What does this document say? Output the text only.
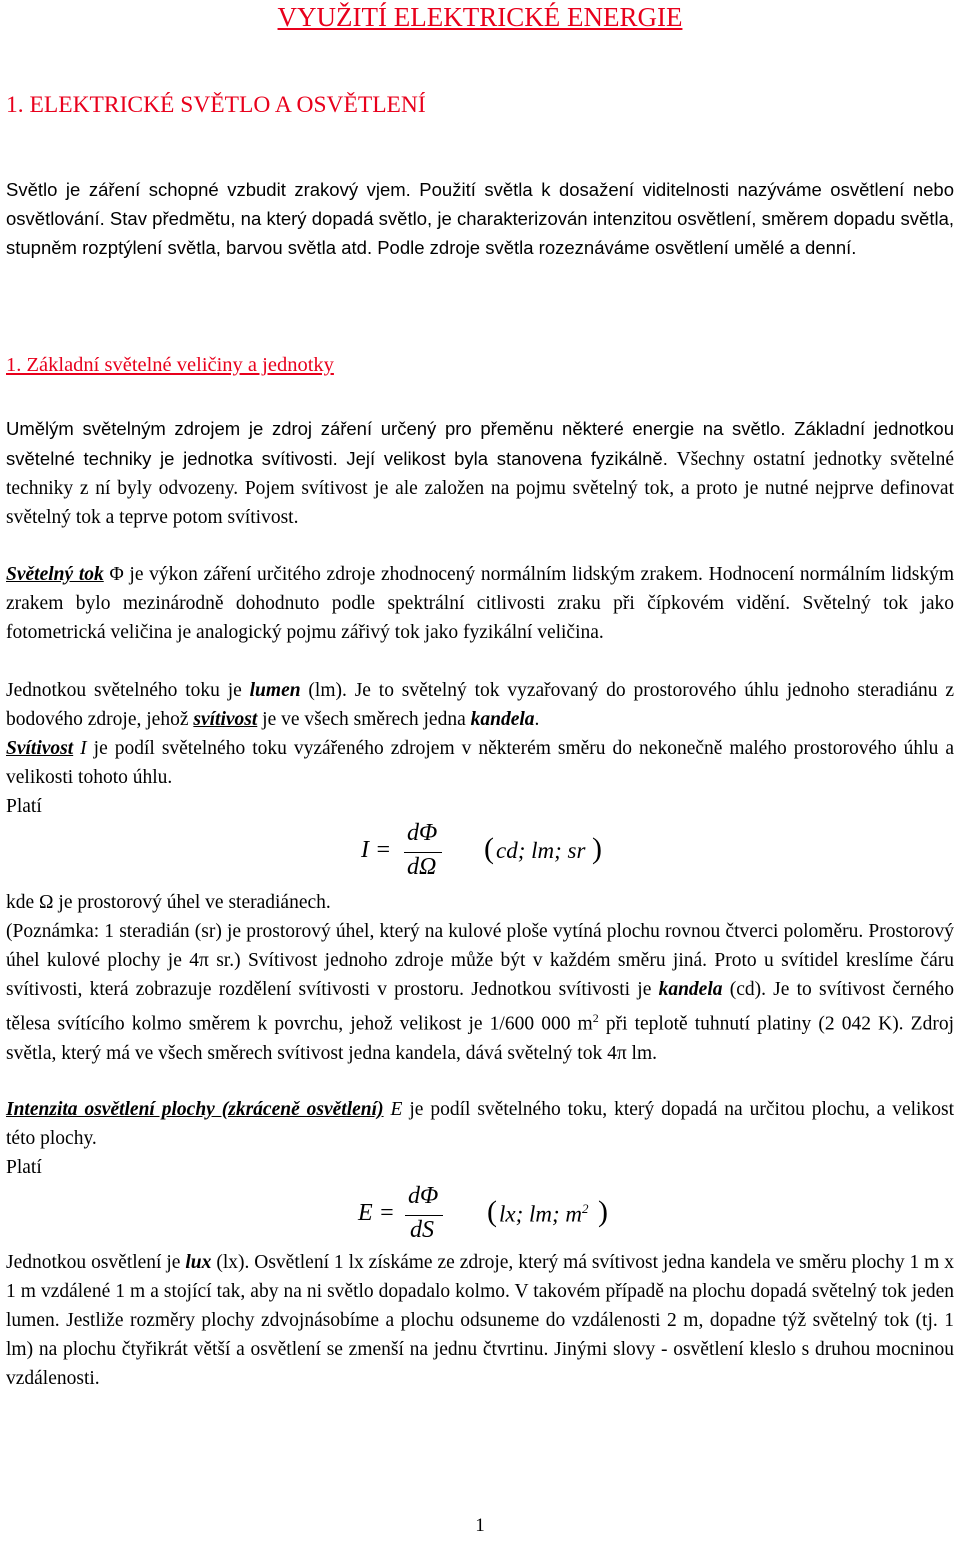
VYUŽITÍ ELEKTRICKÉ ENERGIE
1. ELEKTRICKÉ SVĚTLO A OSVĚTLENÍ

Světlo je záření schopné vzbudit zrakový vjem. Použití světla k dosažení viditelnosti nazýváme osvětlení nebo osvětlování. Stav předmětu, na který dopadá světlo, je charakterizován intenzitou osvětlení, směrem dopadu světla, stupněm rozptýlení světla, barvou světla atd. Podle zdroje světla rozeznáváme osvětlení umělé a denní.

1. Základní světelné veličiny a jednotky

Umělým světelným zdrojem je zdroj záření určený pro přeměnu některé energie na světlo. Základní jednotkou světelné techniky je jednotka svítivosti. Její velikost byla stanovena fyzikálně. Všechny ostatní jednotky světelné techniky z ní byly odvozeny. Pojem svítivost je ale založen na pojmu světelný tok, a proto je nutné nejprve definovat světelný tok a teprve potom svítivost.

Světelný tok Φ je výkon záření určitého zdroje zhodnocený normálním lidským zrakem. Hodnocení normálním lidským zrakem bylo mezinárodně dohodnuto podle spektrální citlivosti zraku při čípkovém vidění. Světelný tok jako fotometrická veličina je analogický pojmu zářivý tok jako fyzikální veličina.

Jednotkou světelného toku je lumen (lm). Je to světelný tok vyzařovaný do prostorového úhlu jednoho steradiánu z bodového zdroje, jehož svítivost je ve všech směrech jedna kandela.

Svítivost I je podíl světelného toku vyzářeného zdrojem v některém směru do nekonečně malého prostorového úhlu a velikosti tohoto úhlu.

Platí

I =
dΦ
dΩ
( cd; lm; sr )

kde Ω je prostorový úhel ve steradiánech.

(Poznámka: 1 steradián (sr) je prostorový úhel, který na kulové ploše vytíná plochu rovnou čtverci poloměru. Prostorový úhel kulové plochy je 4π sr.) Svítivost jednoho zdroje může být v každém směru jiná. Proto u svítidel kreslíme čáru svítivosti, která zobrazuje rozdělení svítivosti v prostoru. Jednotkou svítivosti je kandela (cd). Je to svítivost černého tělesa svítícího kolmo směrem k povrchu, jehož velikost je 1/600 000 $m^2$ při teplotě tuhnutí platiny (2 042 K). Zdroj světla, který má ve všech směrech svítivost jedna kandela, dává světelný tok 4π lm.

Intenzita osvětlení plochy (zkráceně osvětlení) E je podíl světelného toku, který dopadá na určitou plochu, a velikost této plochy.

Platí

E =
dΦ
dS
( lx; lm; $m^2$ )

Jednotkou osvětlení je lux (lx). Osvětlení 1 lx získáme ze zdroje, který má svítivost jedna kandela ve směru plochy 1 m x 1 m vzdálené 1 m a stojící tak, aby na ni světlo dopadalo kolmo. V takovém případě na plochu dopadá světelný tok jeden lumen. Jestliže rozměry plochy zdvojnásobíme a plochu odsuneme do vzdálenosti 2 m, dopadne týž světelný tok (tj. 1 lm) na plochu čtyřikrát větší a osvětlení se zmenší na jednu čtvrtinu. Jinými slovy - osvětlení kleslo s druhou mocninou vzdálenosti.

1
